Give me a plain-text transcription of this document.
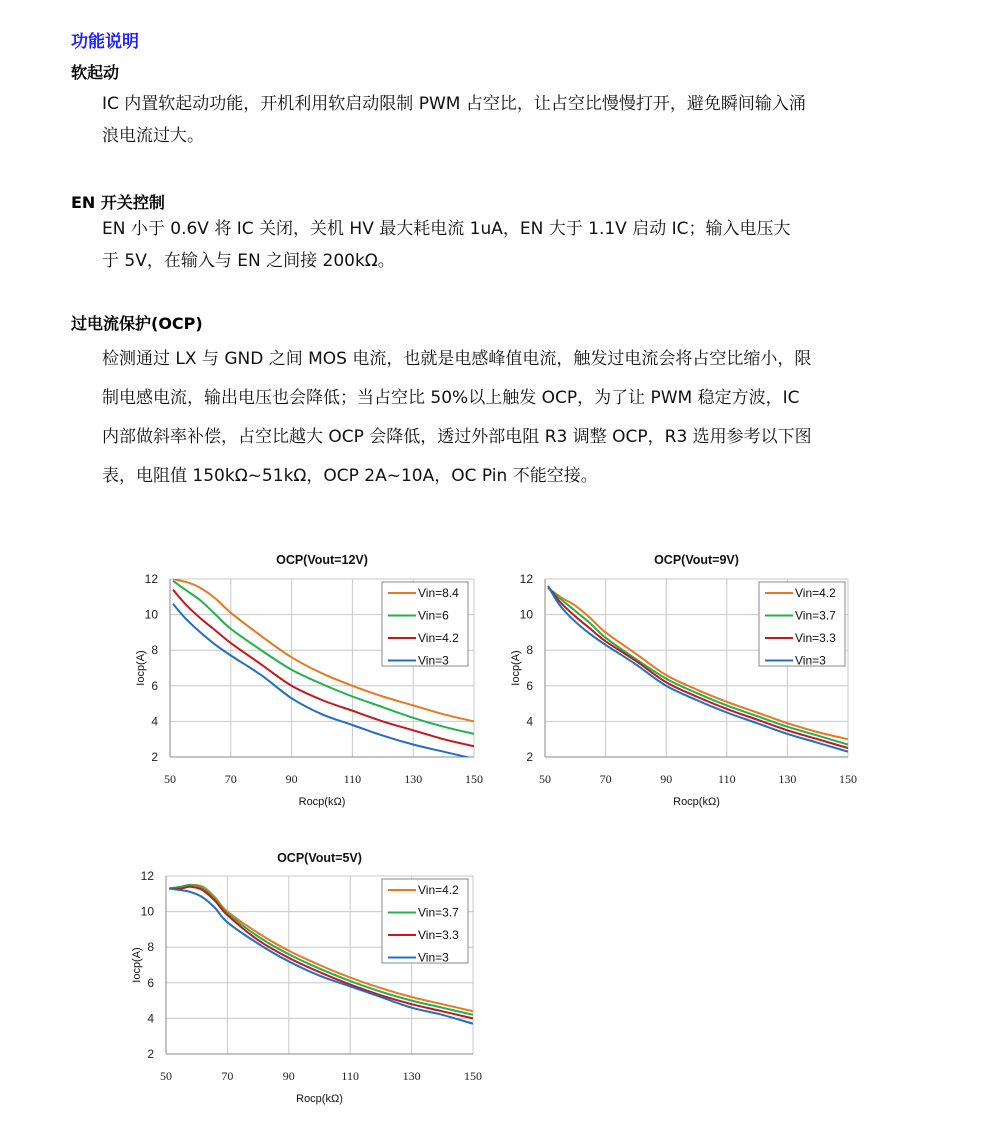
功能说明
软起动
IC 内置软起动功能，开机利用软启动限制 PWM 占空比，让占空比慢慢打开，避免瞬间输入涌
浪电流过大。
EN 开关控制
EN 小于 0.6V 将 IC 关闭，关机 HV 最大耗电流 1uA，EN 大于 1.1V 启动 IC；输入电压大
于 5V，在输入与 EN 之间接 200kΩ。
过电流保护(OCP)
检测通过 LX 与 GND 之间 MOS 电流，也就是电感峰值电流，触发过电流会将占空比缩小，限
制电感电流，输出电压也会降低；当占空比 50%以上触发 OCP，为了让 PWM 稳定方波，IC
内部做斜率补偿，占空比越大 OCP 会降低，透过外部电阻 R3 调整 OCP，R3 选用参考以下图
表，电阻值 150kΩ~51kΩ，OCP 2A~10A，OC Pin 不能空接。
OCP(Vout=12V)
2
4
6
8
10
12
50	70	90	110	130	150
Rocp(kΩ)
Iocp(A)
Vin=8.4
Vin=6
Vin=4.2
Vin=3
OCP(Vout=9V)
2
4
6
8
10
12
50	70	90	110	130	150
Rocp(kΩ)
Iocp(A)
Vin=4.2
Vin=3.7
Vin=3.3
Vin=3
OCP(Vout=5V)
2
4
6
8
10
12
50	70	90	110	130	150
Rocp(kΩ)
Iocp(A)
Vin=4.2
Vin=3.7
Vin=3.3
Vin=3
